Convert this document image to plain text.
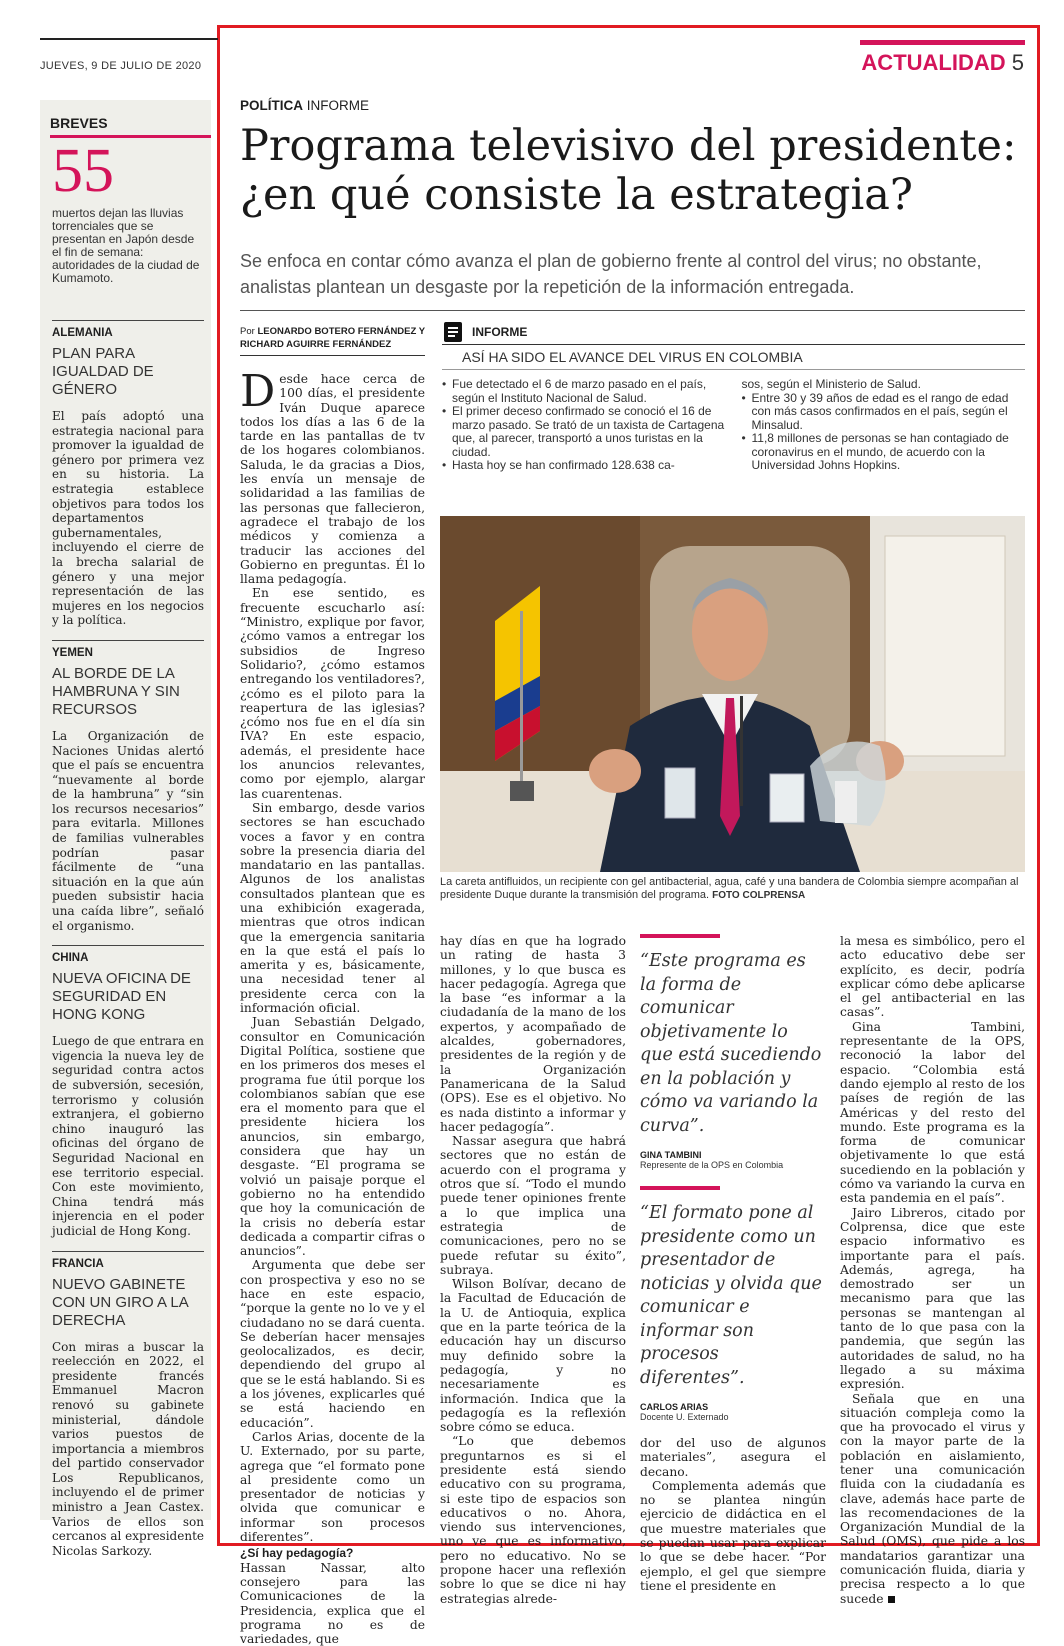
JUEVES, 9 DE JULIO DE 2020	ACTUALIDAD 5
BREVES
55
muertos dejan las lluvias torrenciales que se presentan en Japón desde el fin de semana: autoridades de la ciudad de Kumamoto.
ALEMANIA
PLAN PARA IGUALDAD DE GÉNERO
El país adoptó una estrategia nacional para promover la igualdad de género por primera vez en su historia. La estrategia establece objetivos para todos los departamentos gubernamentales, incluyendo el cierre de la brecha salarial de género y una mejor representación de las mujeres en los negocios y la política.
YEMEN
AL BORDE DE LA HAMBRUNA Y SIN RECURSOS
La Organización de Naciones Unidas alertó que el país se encuentra “nuevamente al borde de la hambruna” y “sin los recursos necesarios” para evitarla. Millones de familias vulnerables podrían pasar fácilmente de “una situación en la que aún pueden subsistir hacia una caída libre”, señaló el organismo.
CHINA
NUEVA OFICINA DE SEGURIDAD EN HONG KONG
Luego de que entrara en vigencia la nueva ley de seguridad contra actos de subversión, secesión, terrorismo y colusión extranjera, el gobierno chino inauguró las oficinas del órgano de Seguridad Nacional en ese territorio especial. Con este movimiento, China tendrá más injerencia en el poder judicial de Hong Kong.
FRANCIA
NUEVO GABINETE CON UN GIRO A LA DERECHA
Con miras a buscar la reelección en 2022, el presidente francés Emmanuel Macron renovó su gabinete ministerial, dándole varios puestos de importancia a miembros del partido conservador Los Republicanos, incluyendo el de primer ministro a Jean Castex. Varios de ellos son cercanos al expresidente Nicolas Sarkozy.
POLÍTICA INFORME
Programa televisivo del presidente: ¿en qué consiste la estrategia?
Se enfoca en contar cómo avanza el plan de gobierno frente al control del virus; no obstante, analistas plantean un desgaste por la repetición de la información entregada.
Por LEONARDO BOTERO FERNÁNDEZ Y RICHARD AGUIRRE FERNÁNDEZ

Desde hace cerca de 100 días, el presidente Iván Duque aparece todos los días a las 6 de la tarde en las pantallas de tv de los hogares colombianos. Saluda, le da gracias a Dios, les envía un mensaje de solidaridad a las familias de las personas que fallecieron, agradece el trabajo de los médicos y comienza a traducir las acciones del Gobierno en preguntas. Él lo llama pedagogía.

En ese sentido, es frecuente escucharlo así: “Ministro, explique por favor, ¿cómo vamos a entregar los subsidios de Ingreso Solidario?, ¿cómo estamos entregando los ventiladores?, ¿cómo es el piloto para la reapertura de las iglesias? ¿cómo nos fue en el día sin IVA? En este espacio, además, el presidente hace los anuncios relevantes, como por ejemplo, alargar las cuarentenas.

Sin embargo, desde varios sectores se han escuchado voces a favor y en contra sobre la presencia diaria del mandatario en las pantallas. Algunos de los analistas consultados plantean que es una exhibición exagerada, mientras que otros indican que la emergencia sanitaria en la que está el país lo amerita y es, básicamente, una necesidad tener al presidente cerca con la información oficial.

Juan Sebastián Delgado, consultor en Comunicación Digital Política, sostiene que en los primeros dos meses el programa fue útil porque los colombianos sabían que ese era el momento para que el presidente hiciera los anuncios, sin embargo, considera que hay un desgaste. “El programa se volvió un paisaje porque el gobierno no ha entendido que hoy la comunicación de la crisis no debería estar dedicada a compartir cifras o anuncios”.

Argumenta que debe ser con prospectiva y eso no se hace en este espacio, “porque la gente no lo ve y el ciudadano no se dará cuenta. Se deberían hacer mensajes geolocalizados, es decir, dependiendo del grupo al que se le está hablando. Si es a los jóvenes, explicarles qué se está haciendo en educación”.

Carlos Arias, docente de la U. Externado, por su parte, agrega que “el formato pone al presidente como un presentador de noticias y olvida que comunicar e informar son procesos diferentes”.

¿Sí hay pedagogía?

Hassan Nassar, alto consejero para las Comunicaciones de la Presidencia, explica que el programa no es de variedades, que

INFORME
ASÍ HA SIDO EL AVANCE DEL VIRUS EN COLOMBIA
• Fue detectado el 6 de marzo pasado en el país, según el Instituto Nacional de Salud.
• El primer deceso confirmado se conoció el 16 de marzo pasado. Se trató de un taxista de Cartagena que, al parecer, transportó a unos turistas en la ciudad.
• Hasta hoy se han confirmado 128.638 ca-
sos, según el Ministerio de Salud.
• Entre 30 y 39 años de edad es el rango de edad con más casos confirmados en el país, según el Minsalud.
• 11,8 millones de personas se han contagiado de coronavirus en el mundo, de acuerdo con la Universidad Johns Hopkins.
La careta antifluidos, un recipiente con gel antibacterial, agua, café y una bandera de Colombia siempre acompañan al presidente Duque durante la transmisión del programa. FOTO COLPRENSA

hay días en que ha logrado un rating de hasta 3 millones, y lo que busca es hacer pedagogía. Agrega que la base “es informar a la ciudadanía de la mano de los expertos, y acompañado de alcaldes, gobernadores, presidentes de la región y de la Organización Panamericana de la Salud (OPS). Ese es el objetivo. No es nada distinto a informar y hacer pedagogía”.

Nassar asegura que habrá sectores que no están de acuerdo con el programa y otros que sí. “Todo el mundo puede tener opiniones frente a lo que implica una estrategia de comunicaciones, pero no se puede refutar su éxito”, subraya.

Wilson Bolívar, decano de la Facultad de Educación de la U. de Antioquia, explica que en la parte teórica de la educación hay un discurso muy definido sobre la pedagogía, y no necesariamente es información. Indica que la pedagogía es la reflexión sobre cómo se educa.

“Lo que debemos preguntarnos es si el presidente está siendo educativo con su programa, si este tipo de espacios son educativos o no. Ahora, viendo sus intervenciones, uno ve que es informativo, pero no educativo. No se propone hacer una reflexión sobre lo que se dice ni hay estrategias alrede-

“Este programa es la forma de comunicar objetivamente lo que está sucediendo en la población y cómo va variando la curva”.
GINA TAMBINI
Represente de la OPS en Colombia
“El formato pone al presidente como un presentador de noticias y olvida que comunicar e informar son procesos diferentes”.
CARLOS ARIAS
Docente U. Externado

dor del uso de algunos materiales”, asegura el decano.

Complementa además que no se plantea ningún ejercicio de didáctica en el que muestre materiales que se puedan usar para explicar lo que se debe hacer. “Por ejemplo, el gel que siempre tiene el presidente en

la mesa es simbólico, pero el acto educativo debe ser explícito, es decir, podría explicar cómo debe aplicarse el gel antibacterial en las casas”.

Gina Tambini, representante de la OPS, reconoció la labor del espacio. “Colombia está dando ejemplo al resto de los países de región de las Américas y del resto del mundo. Este programa es la forma de comunicar objetivamente lo que está sucediendo en la población y cómo va variando la curva en esta pandemia en el país”.

Jairo Libreros, citado por Colprensa, dice que este espacio informativo es importante para el país. Además, agrega, ha demostrado ser un mecanismo para que las personas se mantengan al tanto de lo que pasa con la pandemia, que según las autoridades de salud, no ha llegado a su máxima expresión.

Señala que en una situación compleja como la que ha provocado el virus y con la mayor parte de la población en aislamiento, tener una comunicación fluida con la ciudadanía es clave, además hace parte de las recomendaciones de la Organización Mundial de la Salud (OMS), que pide a los mandatarios garantizar una comunicación fluida, diaria y precisa respecto a lo que sucede
